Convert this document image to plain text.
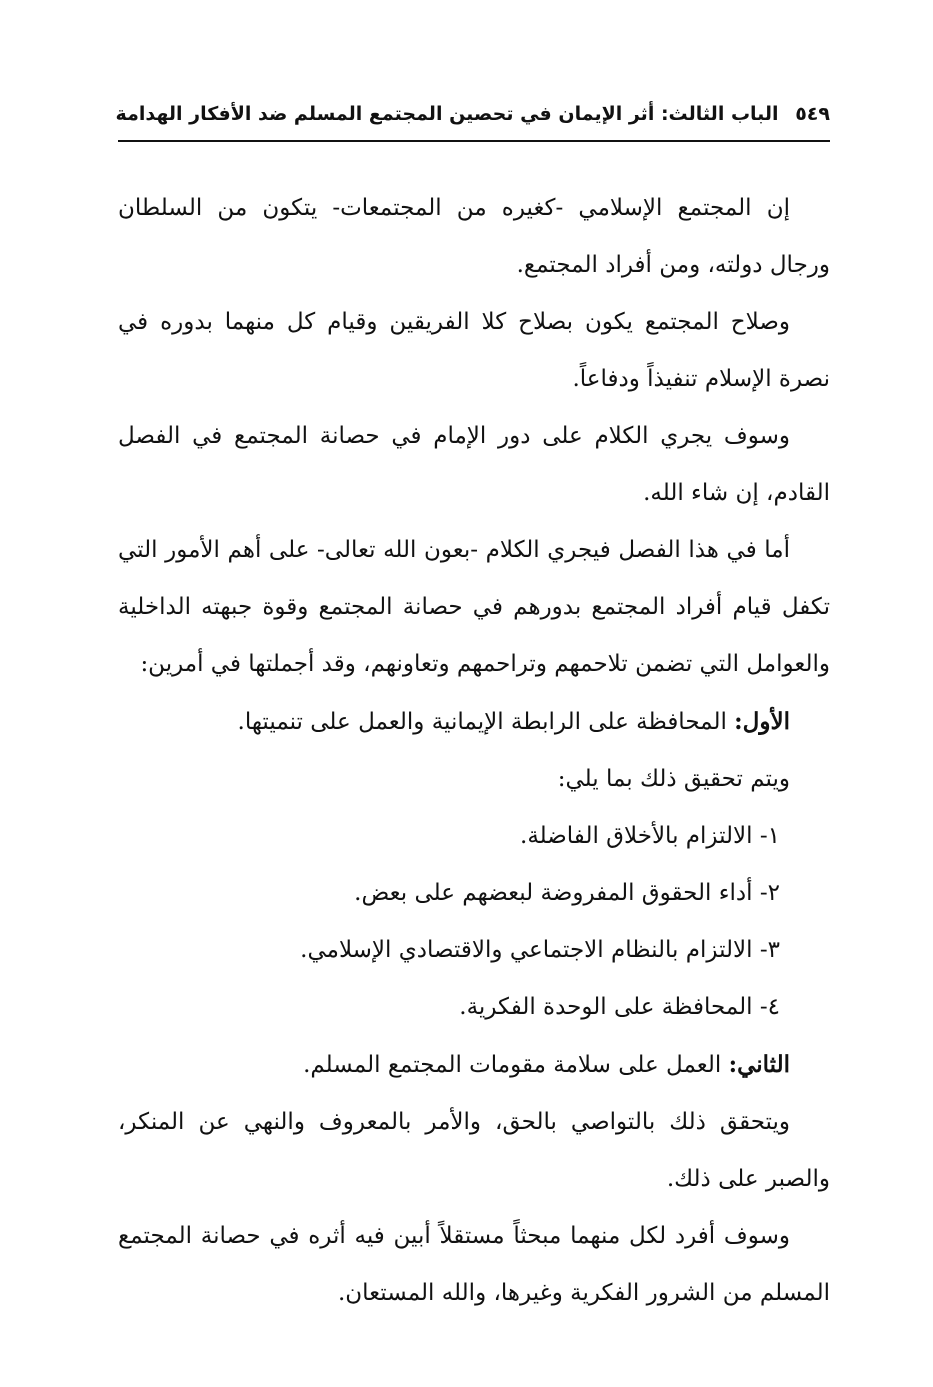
٥٤٩ الباب الثالث: أثر الإيمان في تحصين المجتمع المسلم ضد الأفكار الهدامة

إن المجتمع الإسلامي -كغيره من المجتمعات- يتكون من السلطان ورجال دولته، ومن أفراد المجتمع.

وصلاح المجتمع يكون بصلاح كلا الفريقين وقيام كل منهما بدوره في نصرة الإسلام تنفيذاً ودفاعاً.

وسوف يجري الكلام على دور الإمام في حصانة المجتمع في الفصل القادم، إن شاء الله.

أما في هذا الفصل فيجري الكلام -بعون الله تعالى- على أهم الأمور التي تكفل قيام أفراد المجتمع بدورهم في حصانة المجتمع وقوة جبهته الداخلية والعوامل التي تضمن تلاحمهم وتراحمهم وتعاونهم، وقد أجملتها في أمرين:

الأول: المحافظة على الرابطة الإيمانية والعمل على تنميتها.

ويتم تحقيق ذلك بما يلي:

١- الالتزام بالأخلاق الفاضلة.

٢- أداء الحقوق المفروضة لبعضهم على بعض.

٣- الالتزام بالنظام الاجتماعي والاقتصادي الإسلامي.

٤- المحافظة على الوحدة الفكرية.

الثاني: العمل على سلامة مقومات المجتمع المسلم.

ويتحقق ذلك بالتواصي بالحق، والأمر بالمعروف والنهي عن المنكر، والصبر على ذلك.

وسوف أفرد لكل منهما مبحثاً مستقلاً أبين فيه أثره في حصانة المجتمع المسلم من الشرور الفكرية وغيرها، والله المستعان.
